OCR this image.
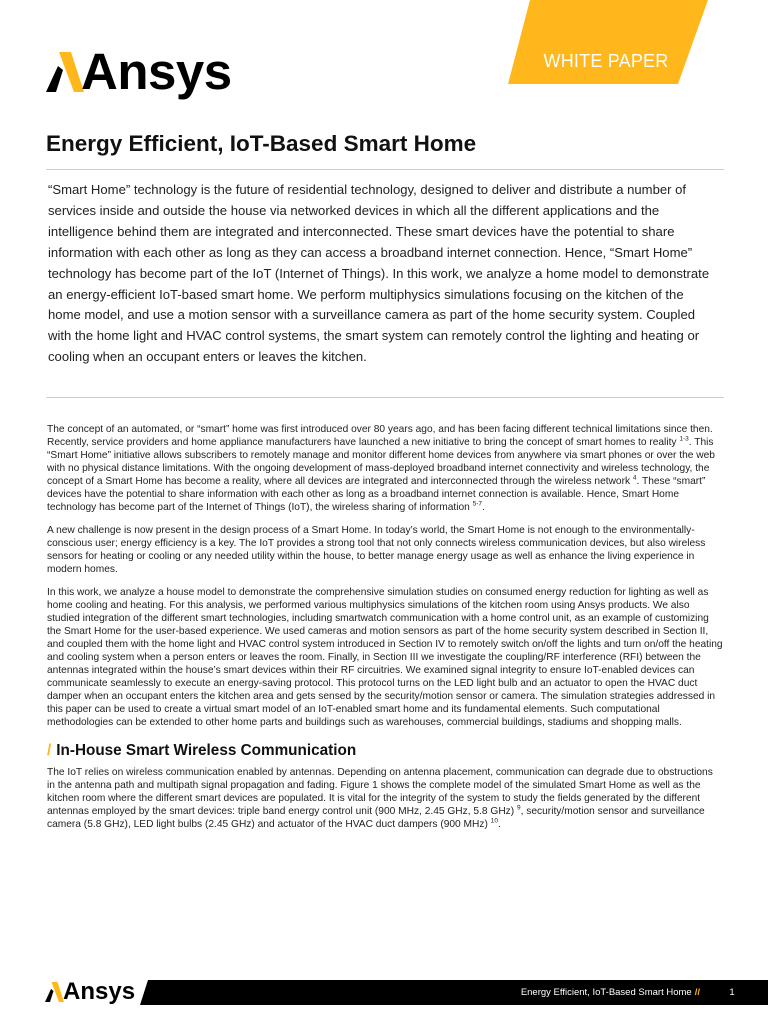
Ansys	WHITE PAPER
Energy Efficient, IoT-Based Smart Home

“Smart Home” technology is the future of residential technology, designed to deliver and distribute a number of services inside and outside the house via networked devices in which all the different applications and the intelligence behind them are integrated and interconnected. These smart devices have the potential to share information with each other as long as they can access a broadband internet connection. Hence, “Smart Home” technology has become part of the IoT (Internet of Things). In this work, we analyze a home model to demonstrate an energy-efficient IoT-based smart home. We perform multiphysics simulations focusing on the kitchen of the home model, and use a motion sensor with a surveillance camera as part of the home security system. Coupled with the home light and HVAC control systems, the smart system can remotely control the lighting and heating or cooling when an occupant enters or leaves the kitchen.

The concept of an automated, or “smart” home was first introduced over 80 years ago, and has been facing different technical limitations since then. Recently, service providers and home appliance manufacturers have launched a new initiative to bring the concept of smart homes to reality $^{1-3}$. This “Smart Home” initiative allows subscribers to remotely manage and monitor different home devices from anywhere via smart phones or over the web with no physical distance limitations. With the ongoing development of mass-deployed broadband internet connectivity and wireless technology, the concept of a Smart Home has become a reality, where all devices are integrated and interconnected through the wireless network $^4$. These “smart” devices have the potential to share information with each other as long as a broadband internet connection is available. Hence, Smart Home technology has become part of the Internet of Things (IoT), the wireless sharing of information $^{5-7}$.

A new challenge is now present in the design process of a Smart Home. In today’s world, the Smart Home is not enough to the environmentally-conscious user; energy efficiency is a key. The IoT provides a strong tool that not only connects wireless communication devices, but also wireless sensors for heating or cooling or any needed utility within the house, to better manage energy usage as well as enhance the living experience in modern homes.

In this work, we analyze a house model to demonstrate the comprehensive simulation studies on consumed energy reduction for lighting as well as home cooling and heating. For this analysis, we performed various multiphysics simulations of the kitchen room using Ansys products. We also studied integration of the different smart technologies, including smartwatch communication with a home control unit, as an example of customizing the Smart Home for the user-based experience. We used cameras and motion sensors as part of the home security system described in Section II, and coupled them with the home light and HVAC control system introduced in Section IV to remotely switch on/off the lights and turn on/off the heating and cooling system when a person enters or leaves the room. Finally, in Section III we investigate the coupling/RF interference (RFI) between the antennas integrated within the house’s smart devices within their RF circuitries. We examined signal integrity to ensure IoT-enabled devices can communicate seamlessly to execute an energy-saving protocol. This protocol turns on the LED light bulb and an actuator to open the HVAC duct damper when an occupant enters the kitchen area and gets sensed by the security/motion sensor or camera. The simulation strategies addressed in this paper can be used to create a virtual smart model of an IoT-enabled smart home and its fundamental elements. Such computational methodologies can be extended to other home parts and buildings such as warehouses, commercial buildings, stadiums and shopping malls.

/ In-House Smart Wireless Communication

The IoT relies on wireless communication enabled by antennas. Depending on antenna placement, communication can degrade due to obstructions in the antenna path and multipath signal propagation and fading. Figure 1 shows the complete model of the simulated Smart Home as well as the kitchen room where the different smart devices are populated. It is vital for the integrity of the system to study the fields generated by the different antennas employed by the smart devices: triple band energy control unit (900 MHz, 2.45 GHz, 5.8 GHz) $^9$, security/motion sensor and surveillance camera (5.8 GHz), LED light bulbs (2.45 GHz) and actuator of the HVAC duct dampers (900 MHz) $^{10}$.

Ansys	Energy Efficient, IoT-Based Smart Home //	1
